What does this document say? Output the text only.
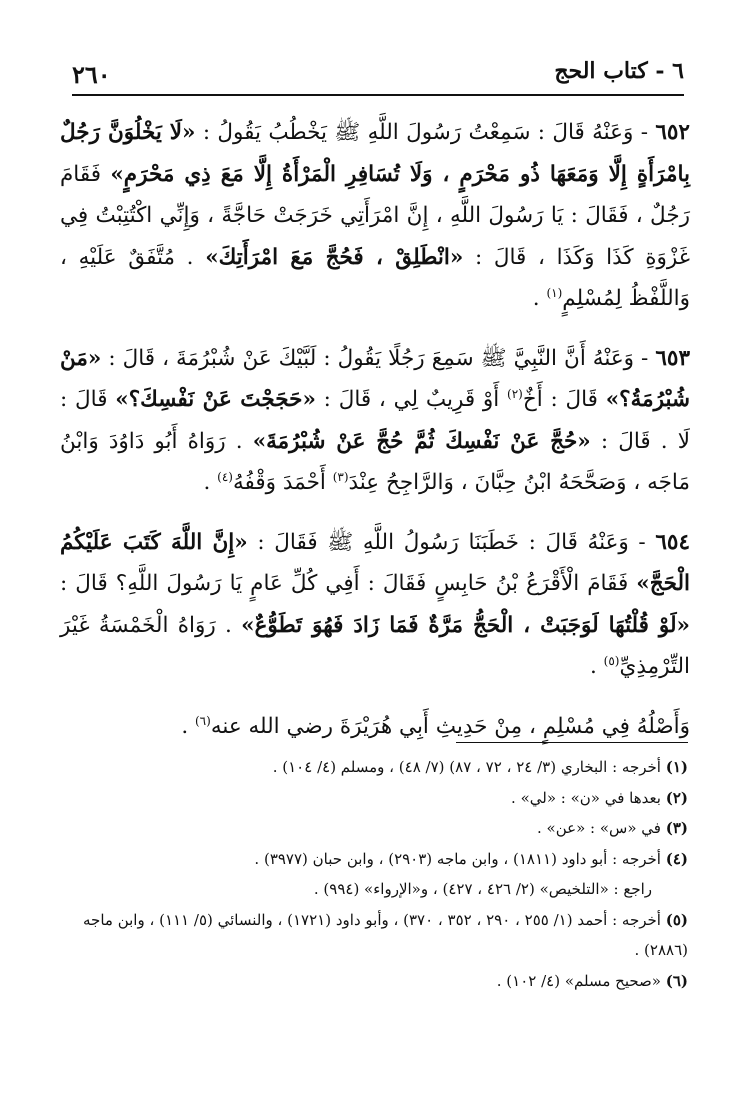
٢٦٠	٦ - كتاب الحج

٦٥٢ - وَعَنْهُ قَالَ : سَمِعْتُ رَسُولَ اللَّهِ ﷺ يَخْطُبُ يَقُولُ : «لَا يَخْلُوَنَّ رَجُلٌ بِامْرَأَةٍ إِلَّا وَمَعَهَا ذُو مَحْرَمٍ ، وَلَا تُسَافِرِ الْمَرْأَةُ إِلَّا مَعَ ذِي مَحْرَمٍ» فَقَامَ رَجُلٌ ، فَقَالَ : يَا رَسُولَ اللَّهِ ، إِنَّ امْرَأَتِي خَرَجَتْ حَاجَّةً ، وَإِنِّي اكْتُتِبْتُ فِي غَزْوَةِ كَذَا وَكَذَا ، قَالَ : «انْطَلِقْ ، فَحُجَّ مَعَ امْرَأَتِكَ» . مُتَّفَقٌ عَلَيْهِ ، وَاللَّفْظُ لِمُسْلِمٍ$^{(١)}$ .

٦٥٣ - وَعَنْهُ أَنَّ النَّبِيَّ ﷺ سَمِعَ رَجُلًا يَقُولُ : لَبَّيْكَ عَنْ شُبْرُمَةَ ، قَالَ : «مَنْ شُبْرُمَةُ؟» قَالَ : أَخٌ$^{(٢)}$ أَوْ قَرِيبٌ لِي ، قَالَ : «حَجَجْتَ عَنْ نَفْسِكَ؟» قَالَ : لَا . قَالَ : «حُجَّ عَنْ نَفْسِكَ ثُمَّ حُجَّ عَنْ شُبْرُمَةَ» . رَوَاهُ أَبُو دَاوُدَ وَابْنُ مَاجَه ، وَصَحَّحَهُ ابْنُ حِبَّانَ ، وَالرَّاجِحُ عِنْدَ$^{(٣)}$ أَحْمَدَ وَقْفُهُ$^{(٤)}$ .

٦٥٤ - وَعَنْهُ قَالَ : خَطَبَنَا رَسُولُ اللَّهِ ﷺ فَقَالَ : «إِنَّ اللَّهَ كَتَبَ عَلَيْكُمُ الْحَجَّ» فَقَامَ الْأَقْرَعُ بْنُ حَابِسٍ فَقَالَ : أَفِي كُلِّ عَامٍ يَا رَسُولَ اللَّهِ؟ قَالَ : «لَوْ قُلْتُهَا لَوَجَبَتْ ، الْحَجُّ مَرَّةٌ فَمَا زَادَ فَهُوَ تَطَوُّعٌ» . رَوَاهُ الْخَمْسَةُ غَيْرَ التِّرْمِذِيِّ$^{(٥)}$ .

وَأَصْلُهُ فِي مُسْلِمٍ ، مِنْ حَدِيثِ أَبِي هُرَيْرَةَ رضي الله عنه$^{(٦)}$ .

(١) أخرجه : البخاري (٣/ ٢٤ ، ٧٢ ، ٨٧) (٧/ ٤٨) ، ومسلم (٤/ ١٠٤) .

(٢) بعدها في «ن» : «لي» .

(٣) في «س» : «عن» .

(٤) أخرجه : أبو داود (١٨١١) ، وابن ماجه (٢٩٠٣) ، وابن حبان (٣٩٧٧) .

راجع : «التلخيص» (٢/ ٤٢٦ ، ٤٢٧) ، و«الإرواء» (٩٩٤) .

(٥) أخرجه : أحمد (١/ ٢٥٥ ، ٢٩٠ ، ٣٥٢ ، ٣٧٠) ، وأبو داود (١٧٢١) ، والنسائي (٥/ ١١١) ، وابن ماجه (٢٨٨٦) .

(٦) «صحيح مسلم» (٤/ ١٠٢) .
